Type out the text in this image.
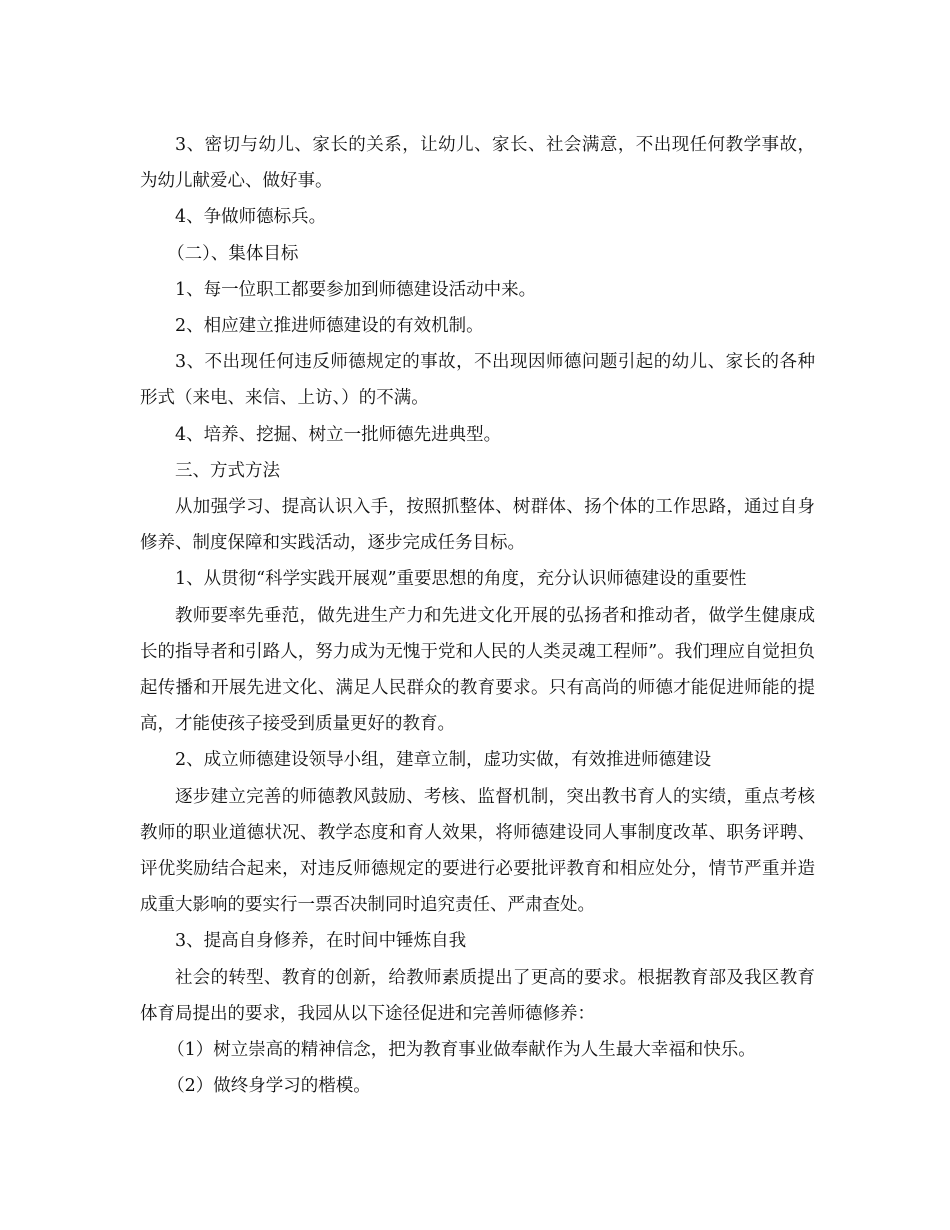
3、密切与幼儿、家长的关系，让幼儿、家长、社会满意，不出现任何教学事故，为幼儿献爱心、做好事。

4、争做师德标兵。

（二）、集体目标

1、每一位职工都要参加到师德建设活动中来。

2、相应建立推进师德建设的有效机制。

3、不出现任何违反师德规定的事故，不出现因师德问题引起的幼儿、家长的各种形式（来电、来信、上访、）的不满。

4、培养、挖掘、树立一批师德先进典型。

三、方式方法

从加强学习、提高认识入手，按照抓整体、树群体、扬个体的工作思路，通过自身修养、制度保障和实践活动，逐步完成任务目标。

1、从贯彻“科学实践开展观”重要思想的角度，充分认识师德建设的重要性

教师要率先垂范，做先进生产力和先进文化开展的弘扬者和推动者，做学生健康成长的指导者和引路人，努力成为无愧于党和人民的人类灵魂工程师”。我们理应自觉担负起传播和开展先进文化、满足人民群众的教育要求。只有高尚的师德才能促进师能的提高，才能使孩子接受到质量更好的教育。

2、成立师德建设领导小组，建章立制，虚功实做，有效推进师德建设

逐步建立完善的师德教风鼓励、考核、监督机制，突出教书育人的实绩，重点考核教师的职业道德状况、教学态度和育人效果，将师德建设同人事制度改革、职务评聘、评优奖励结合起来，对违反师德规定的要进行必要批评教育和相应处分，情节严重并造成重大影响的要实行一票否决制同时追究责任、严肃查处。

3、提高自身修养，在时间中锤炼自我

社会的转型、教育的创新，给教师素质提出了更高的要求。根据教育部及我区教育体育局提出的要求，我园从以下途径促进和完善师德修养：

（1）树立崇高的精神信念，把为教育事业做奉献作为人生最大幸福和快乐。

（2）做终身学习的楷模。
